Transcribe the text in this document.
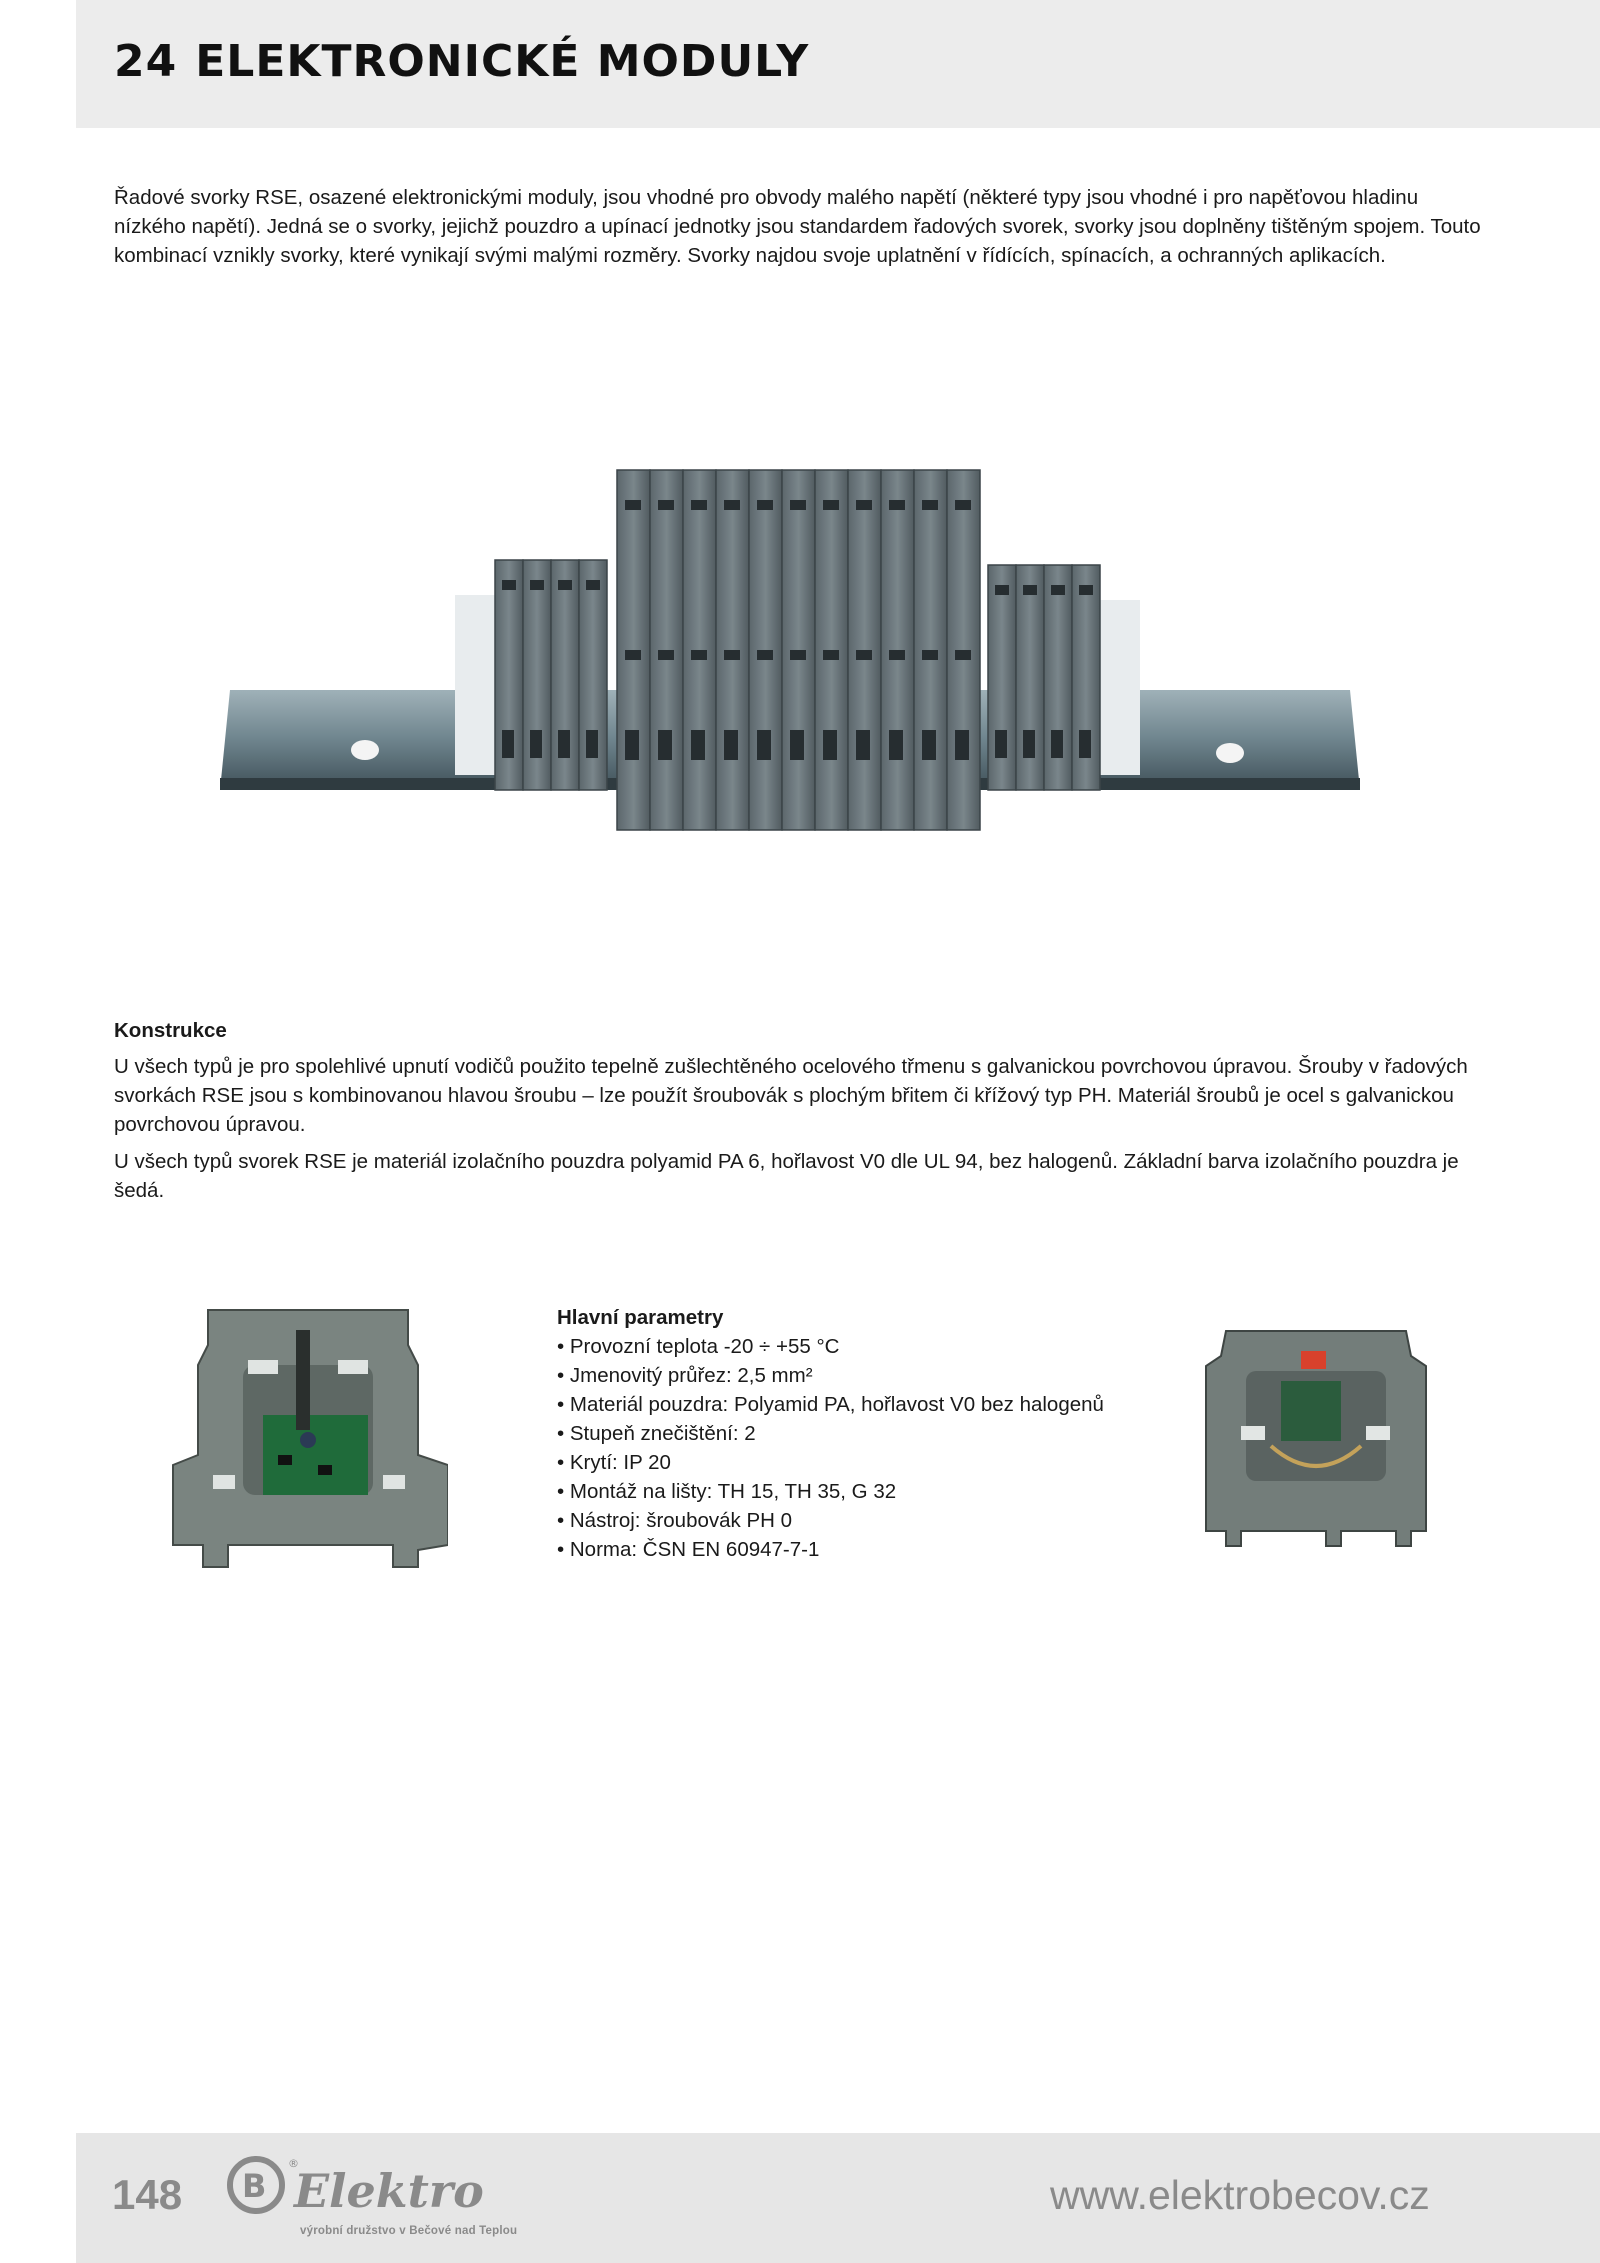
24 ELEKTRONICKÉ MODULY

Řadové svorky RSE, osazené elektronickými moduly, jsou vhodné pro obvody malého napětí (některé typy jsou vhodné i pro napěťovou hladinu nízkého napětí). Jedná se o svorky, jejichž pouzdro a upínací jednotky jsou standardem řadových svorek, svorky jsou doplněny tištěným spojem. Touto kombinací vznikly svorky, které vynikají svými malými rozměry. Svorky najdou svoje uplatnění v řídících, spínacích, a ochranných aplikacích.

Konstrukce

U všech typů je pro spolehlivé upnutí vodičů použito tepelně zušlechtěného ocelového třmenu s galvanickou povrchovou úpravou. Šrouby v řadových svorkách RSE jsou s kombinovanou hlavou šroubu – lze použít šroubovák s plochým břitem či křížový typ PH. Materiál šroubů je ocel s galvanickou povrchovou úpravou.

U všech typů svorek RSE je materiál izolačního pouzdra polyamid PA 6, hořlavost V0 dle UL 94, bez halogenů. Základní barva izolačního pouzdra je šedá.

Hlavní parametry
• Provozní teplota -20 ÷ +55 °C
• Jmenovitý průřez: 2,5 mm²
• Materiál pouzdra: Polyamid PA, hořlavost V0 bez halogenů
• Stupeň znečištění: 2
• Krytí: IP 20
• Montáž na lišty: TH 15, TH 35, G 32
• Nástroj: šroubovák PH 0
• Norma: ČSN EN 60947-7-1
148 B Elektro
®
výrobní družstvo v Bečové nad Teplou
www.elektrobecov.cz
